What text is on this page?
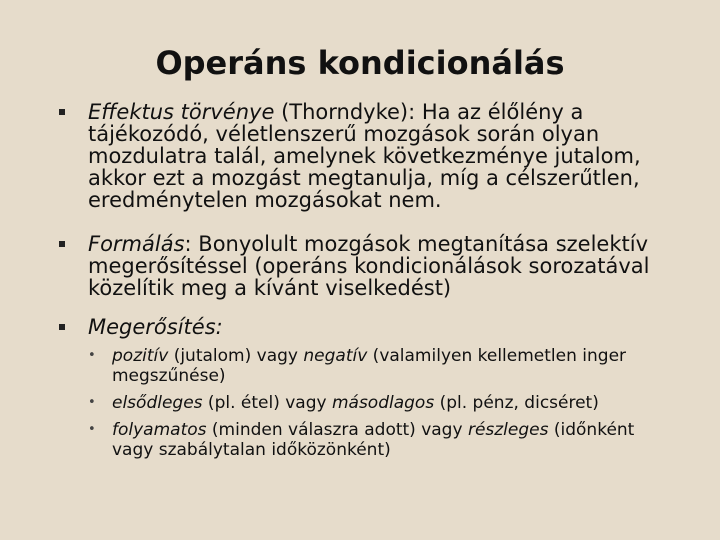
Operáns kondicionálás
Effektus törvénye (Thorndyke): Ha az élőlény a tájékozódó, véletlenszerű mozgások során olyan mozdulatra talál, amelynek következménye jutalom, akkor ezt a mozgást megtanulja, míg a célszerűtlen, eredménytelen mozgásokat nem.
Formálás: Bonyolult mozgások megtanítása szelektív megerősítéssel (operáns kondicionálások sorozatával közelítik meg a kívánt viselkedést)
Megerősítés:
• pozitív (jutalom) vagy negatív (valamilyen kellemetlen inger megszűnése)
• elsődleges (pl. étel) vagy másodlagos (pl. pénz, dicséret)
• folyamatos (minden válaszra adott) vagy részleges (időnként vagy szabálytalan időközönként)
